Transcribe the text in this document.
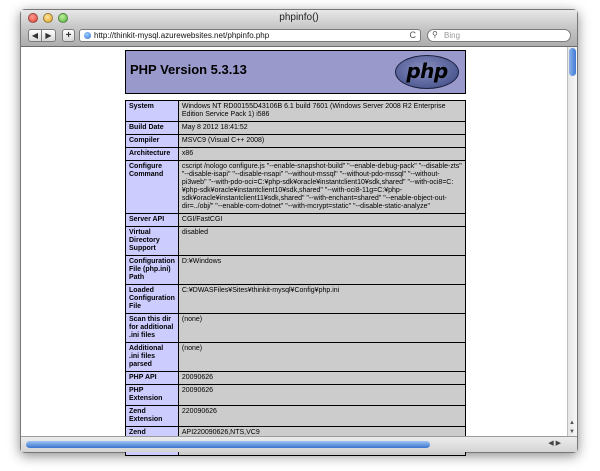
phpinfo()
◀ ▶	+	http://thinkit-mysql.azurewebsites.net/phpinfo.php	C ⚲ Bing
PHP Version 5.3.13	php
System	Windows NT RD00155D43106B 6.1 build 7601 (Windows Server 2008 R2 Enterprise Edition Service Pack 1) i586
Build Date	May 8 2012 18:41:52
Compiler	MSVC9 (Visual C++ 2008)
Architecture	x86
Configure Command	cscript /nologo configure.js "--enable-snapshot-build" "--enable-debug-pack" "--disable-zts" "--disable-isapi" "--disable-nsapi" "--without-mssql" "--without-pdo-mssql" "--without-pi3web" "--with-pdo-oci=C:¥php-sdk¥oracle¥instantclient10¥sdk,shared" "--with-oci8=C:¥php-sdk¥oracle¥instantclient10¥sdk,shared" "--with-oci8-11g=C:¥php-sdk¥oracle¥instantclient11¥sdk,shared" "--with-enchant=shared" "--enable-object-out-dir=../obj/" "--enable-com-dotnet" "--with-mcrypt=static" "--disable-static-analyze"
Server API	CGI/FastCGI
Virtual Directory Support	disabled
Configuration File (php.ini) Path	D:¥Windows
Loaded Configuration File	C:¥DWASFiles¥Sites¥thinkit-mysql¥Config¥php.ini
Scan this dir for additional .ini files	(none)
Additional .ini files parsed	(none)
PHP API	20090626
PHP Extension	20090626
Zend Extension	220090626
Zend	API220090626,NTS,VC9
▲
▼
◀▶
